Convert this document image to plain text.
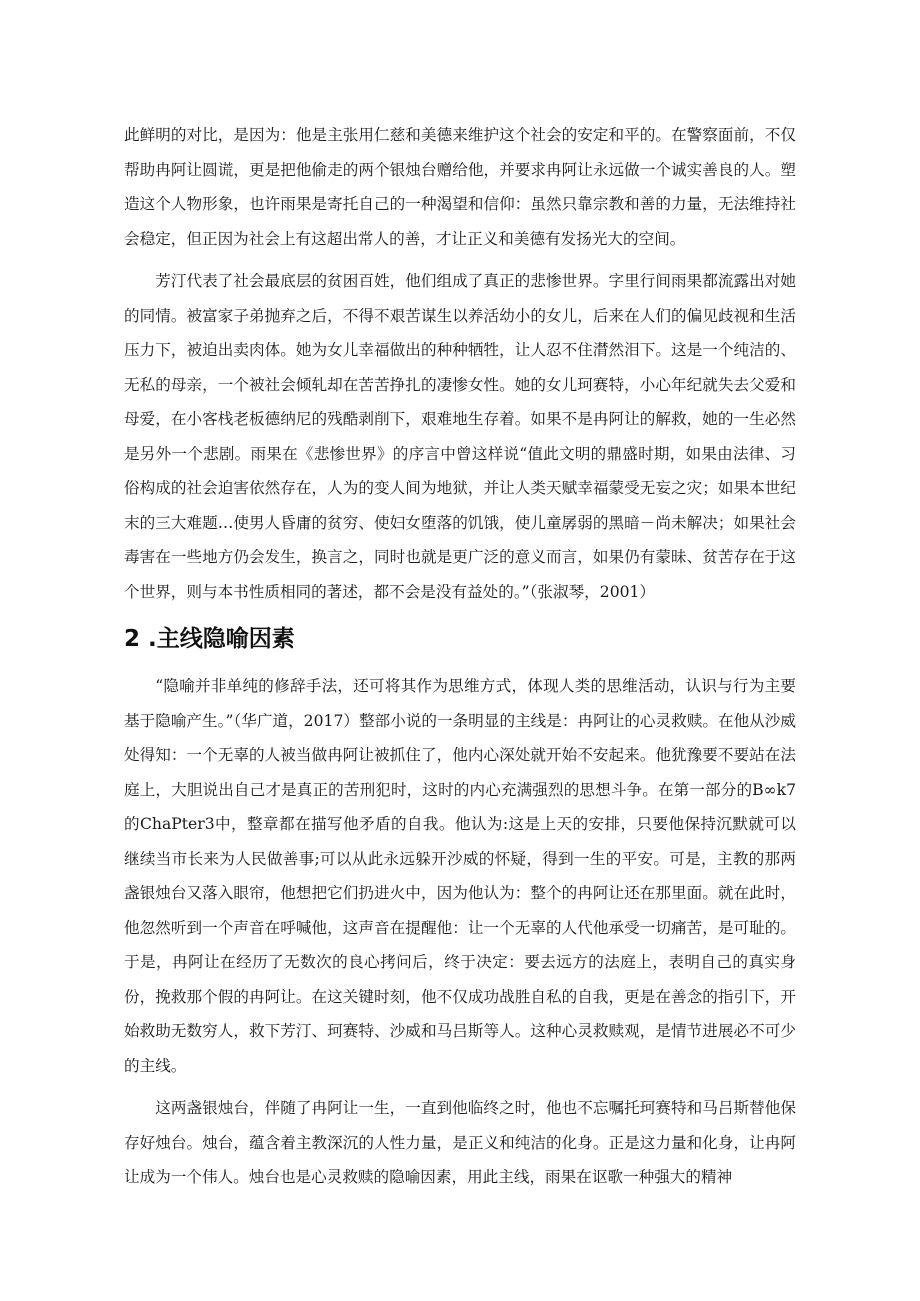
此鲜明的对比，是因为：他是主张用仁慈和美德来维护这个社会的安定和平的。在警察面前，不仅帮助冉阿让圆谎，更是把他偷走的两个银烛台赠给他，并要求冉阿让永远做一个诚实善良的人。塑造这个人物形象，也许雨果是寄托自己的一种渴望和信仰：虽然只靠宗教和善的力量，无法维持社会稳定，但正因为社会上有这超出常人的善，才让正义和美德有发扬光大的空间。

芳汀代表了社会最底层的贫困百姓，他们组成了真正的悲惨世界。字里行间雨果都流露出对她的同情。被富家子弟抛弃之后，不得不艰苦谋生以养活幼小的女儿，后来在人们的偏见歧视和生活压力下，被迫出卖肉体。她为女儿幸福做出的种种牺牲，让人忍不住潸然泪下。这是一个纯洁的、无私的母亲，一个被社会倾轧却在苦苦挣扎的凄惨女性。她的女儿珂赛特，小心年纪就失去父爱和母爱，在小客栈老板德纳尼的残酷剥削下，艰难地生存着。如果不是冉阿让的解救，她的一生必然是另外一个悲剧。雨果在《悲惨世界》的序言中曾这样说“值此文明的鼎盛时期，如果由法律、习俗构成的社会迫害依然存在，人为的变人间为地狱，并让人类天赋幸福蒙受无妄之灾；如果本世纪末的三大难题…使男人昏庸的贫穷、使妇女堕落的饥饿，使儿童孱弱的黑暗－尚未解决；如果社会毒害在一些地方仍会发生，换言之，同时也就是更广泛的意义而言，如果仍有蒙昧、贫苦存在于这个世界，则与本书性质相同的著述，都不会是没有益处的。”（张淑琴，2001）

2 .主线隐喻因素

“隐喻并非单纯的修辞手法，还可将其作为思维方式，体现人类的思维活动，认识与行为主要基于隐喻产生。”（华广道，2017）整部小说的一条明显的主线是：冉阿让的心灵救赎。在他从沙威处得知：一个无辜的人被当做冉阿让被抓住了，他内心深处就开始不安起来。他犹豫要不要站在法庭上，大胆说出自己才是真正的苦刑犯时，这时的内心充满强烈的思想斗争。在第一部分的B∞k7的ChaPter3中，整章都在描写他矛盾的自我。他认为:这是上天的安排，只要他保持沉默就可以继续当市长来为人民做善事;可以从此永远躲开沙威的怀疑，得到一生的平安。可是，主教的那两盏银烛台又落入眼帘，他想把它们扔进火中，因为他认为：整个的冉阿让还在那里面。就在此时，他忽然听到一个声音在呼喊他，这声音在提醒他：让一个无辜的人代他承受一切痛苦，是可耻的。于是，冉阿让在经历了无数次的良心拷问后，终于决定：要去远方的法庭上，表明自己的真实身份，挽救那个假的冉阿让。在这关键时刻，他不仅成功战胜自私的自我，更是在善念的指引下，开始救助无数穷人，救下芳汀、珂赛特、沙威和马吕斯等人。这种心灵救赎观，是情节进展必不可少的主线。

这两盏银烛台，伴随了冉阿让一生，一直到他临终之时，他也不忘嘱托珂赛特和马吕斯替他保存好烛台。烛台，蕴含着主教深沉的人性力量，是正义和纯洁的化身。正是这力量和化身，让冉阿让成为一个伟人。烛台也是心灵救赎的隐喻因素，用此主线，雨果在讴歌一种强大的精神
